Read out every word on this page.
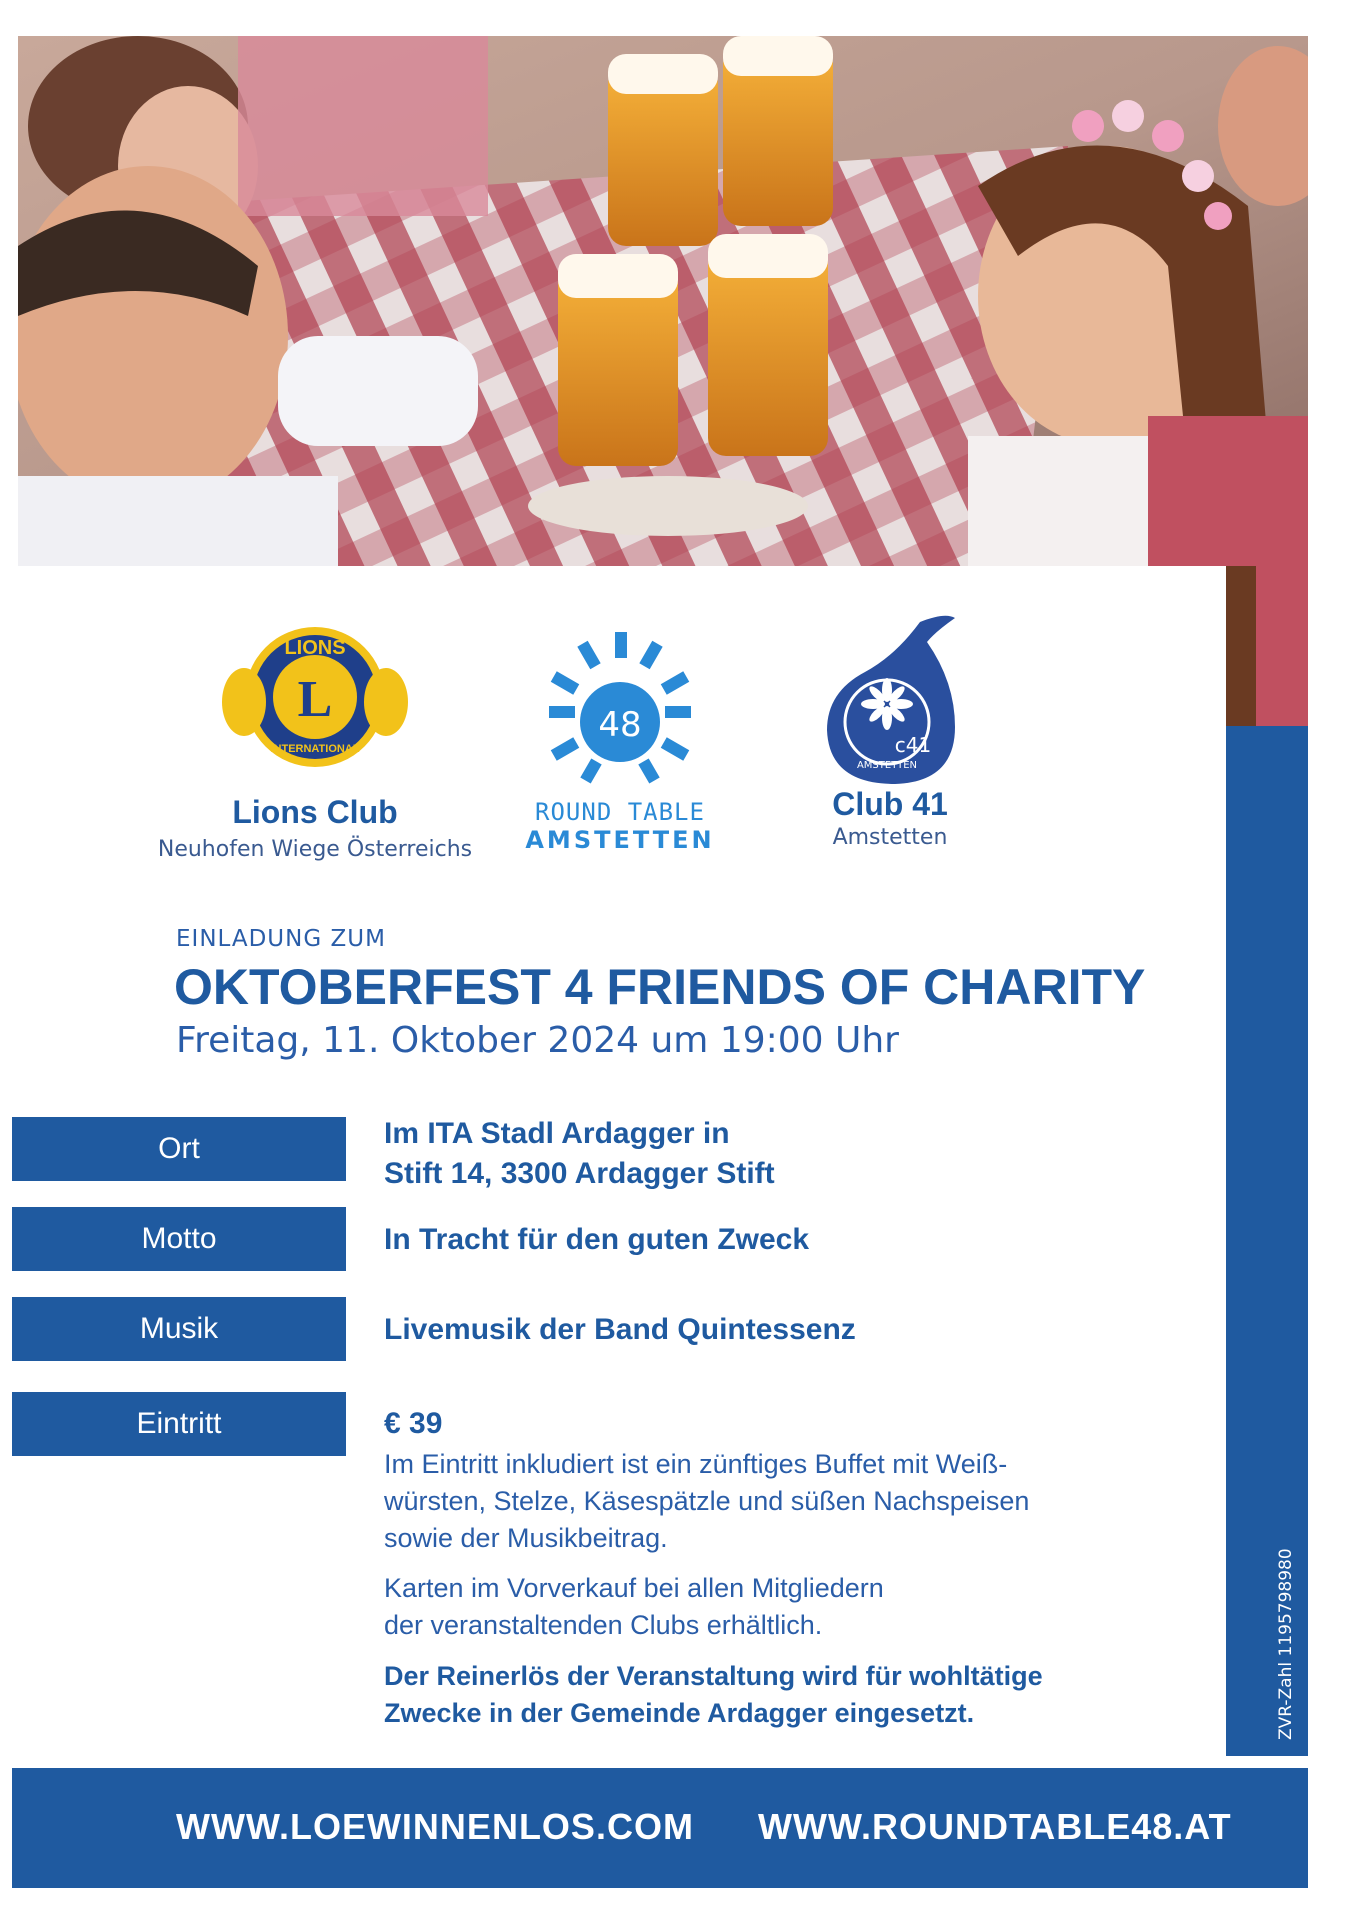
ZVR-Zahl 1195798980
LIONS
L
INTERNATIONAL
Lions Club
Neuhofen Wiege Österreichs
48
ROUND TABLE
AMSTETTEN
c41
AMSTETTEN
Club 41
Amstetten
EINLADUNG ZUM
OKTOBERFEST 4 FRIENDS OF CHARITY
Freitag, 11. Oktober 2024 um 19:00 Uhr
Ort	Im ITA Stadl Ardagger in
Stift 14, 3300 Ardagger Stift
Motto	In Tracht für den guten Zweck
Musik	Livemusik der Band Quintessenz
Eintritt	€ 39
Im Eintritt inkludiert ist ein zünftiges Buffet mit Weiß-
würsten, Stelze, Käsespätzle und süßen Nachspeisen
sowie der Musikbeitrag.
Karten im Vorverkauf bei allen Mitgliedern
der veranstaltenden Clubs erhältlich.
Der Reinerlös der Veranstaltung wird für wohltätige
Zwecke in der Gemeinde Ardagger eingesetzt.
WWW.LOEWINNENLOS.COM WWW.ROUNDTABLE48.AT
